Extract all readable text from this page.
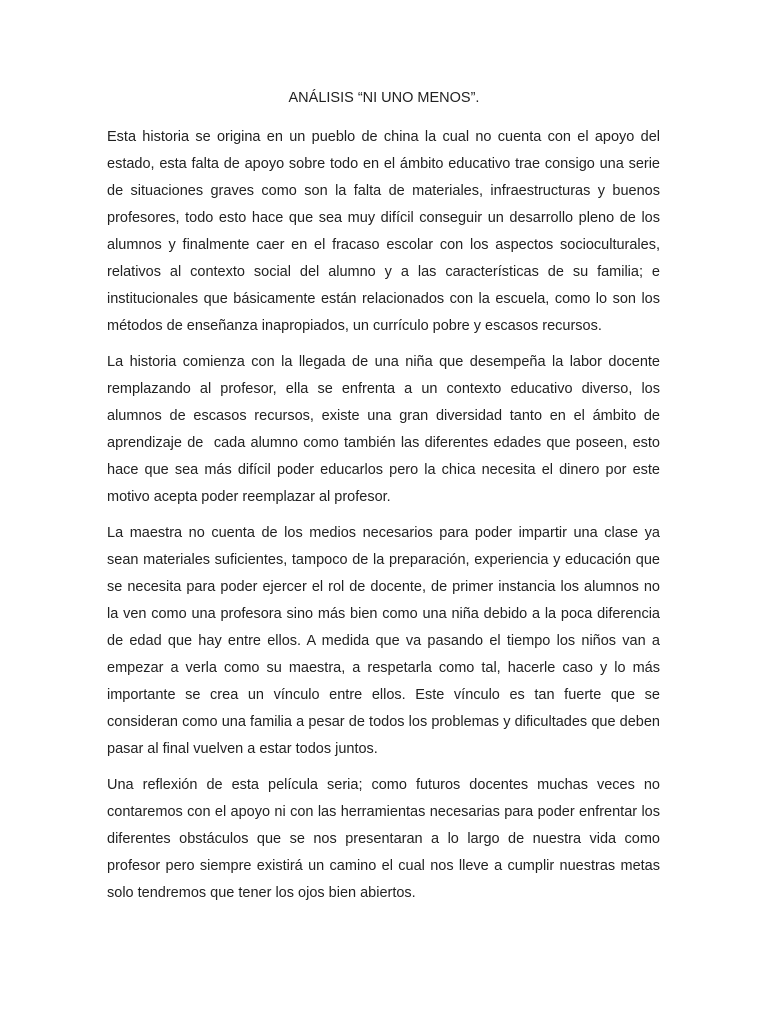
ANÁLISIS “NI UNO MENOS”.

Esta historia se origina en un pueblo de china la cual no cuenta con el apoyo del estado, esta falta de apoyo sobre todo en el ámbito educativo trae consigo una serie de situaciones graves como son la falta de materiales, infraestructuras y buenos profesores, todo esto hace que sea muy difícil conseguir un desarrollo pleno de los alumnos y finalmente caer en el fracaso escolar con los aspectos socioculturales, relativos al contexto social del alumno y a las características de su familia; e institucionales que básicamente están relacionados con la escuela, como lo son los métodos de enseñanza inapropiados, un currículo pobre y escasos recursos.

La historia comienza con la llegada de una niña que desempeña la labor docente remplazando al profesor, ella se enfrenta a un contexto educativo diverso, los alumnos de escasos recursos, existe una gran diversidad tanto en el ámbito de aprendizaje de  cada alumno como también las diferentes edades que poseen, esto hace que sea más difícil poder educarlos pero la chica necesita el dinero por este motivo acepta poder reemplazar al profesor.

La maestra no cuenta de los medios necesarios para poder impartir una clase ya sean materiales suficientes, tampoco de la preparación, experiencia y educación que se necesita para poder ejercer el rol de docente, de primer instancia los alumnos no la ven como una profesora sino más bien como una niña debido a la poca diferencia de edad que hay entre ellos. A medida que va pasando el tiempo los niños van a empezar a verla como su maestra, a respetarla como tal, hacerle caso y lo más importante se crea un vínculo entre ellos. Este vínculo es tan fuerte que se consideran como una familia a pesar de todos los problemas y dificultades que deben pasar al final vuelven a estar todos juntos.

Una reflexión de esta película seria; como futuros docentes muchas veces no contaremos con el apoyo ni con las herramientas necesarias para poder enfrentar los diferentes obstáculos que se nos presentaran a lo largo de nuestra vida como profesor pero siempre existirá un camino el cual nos lleve a cumplir nuestras metas solo tendremos que tener los ojos bien abiertos.
